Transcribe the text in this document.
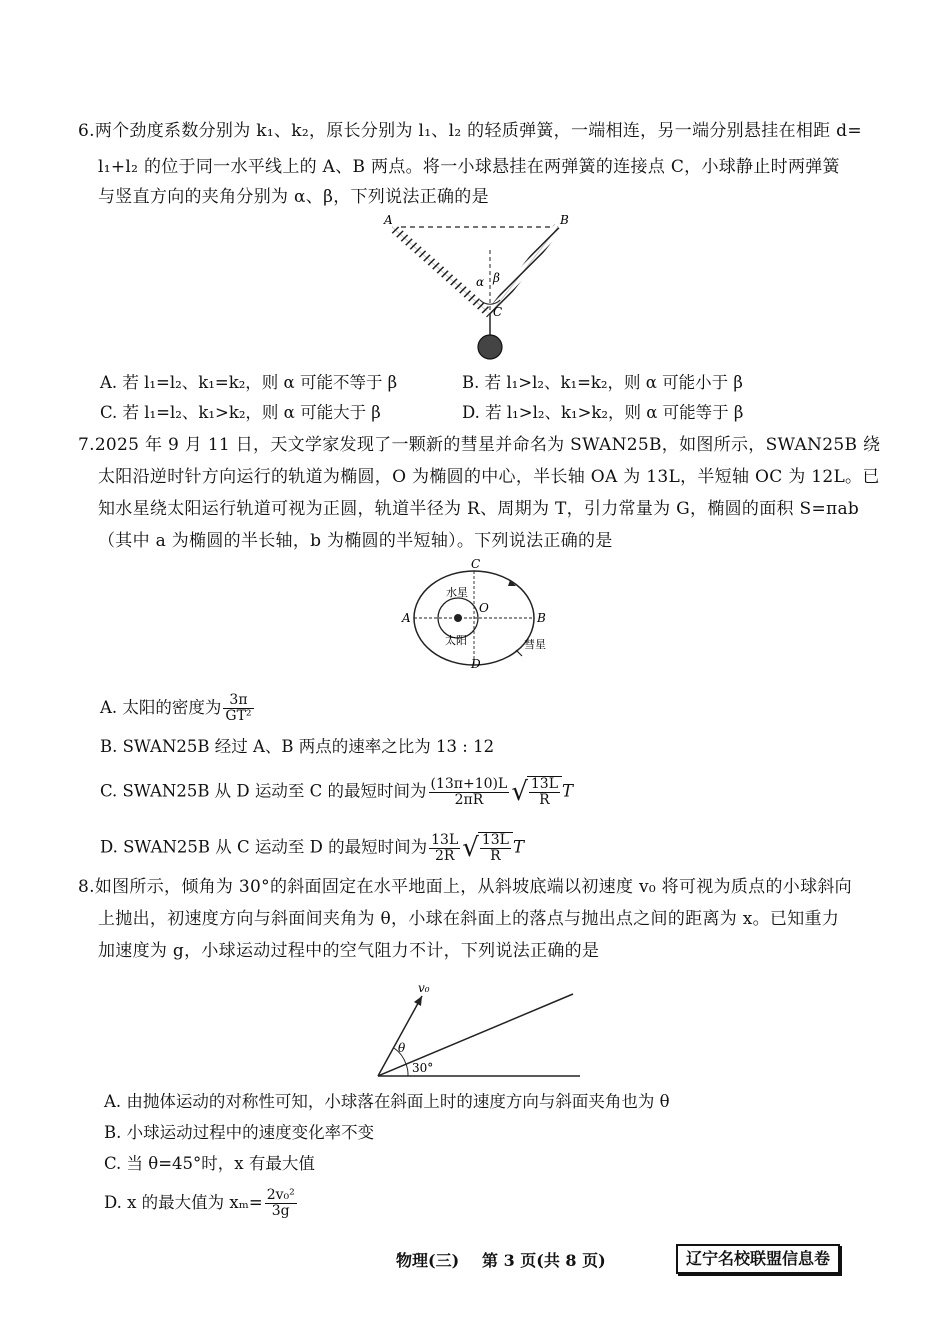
6.两个劲度系数分别为 k₁、k₂，原长分别为 l₁、l₂ 的轻质弹簧，一端相连，另一端分别悬挂在相距 d=
l₁+l₂ 的位于同一水平线上的 A、B 两点。将一小球悬挂在两弹簧的连接点 C，小球静止时两弹簧
与竖直方向的夹角分别为 α、β，下列说法正确的是
A	B
C
α β
A. 若 l₁=l₂、k₁=k₂，则 α 可能不等于 β	B. 若 l₁>l₂、k₁=k₂，则 α 可能小于 β
C. 若 l₁=l₂、k₁>k₂，则 α 可能大于 β	D. 若 l₁>l₂、k₁>k₂，则 α 可能等于 β
7.2025 年 9 月 11 日，天文学家发现了一颗新的彗星并命名为 SWAN25B，如图所示，SWAN25B 绕
太阳沿逆时针方向运行的轨道为椭圆，O 为椭圆的中心，半长轴 OA 为 13L，半短轴 OC 为 12L。已
知水星绕太阳运行轨道可视为正圆，轨道半径为 R、周期为 T，引力常量为 G，椭圆的面积 S=πab
（其中 a 为椭圆的半长轴，b 为椭圆的半短轴）。下列说法正确的是
C
D
A	B
O
水星
太阳	彗星
A. 太阳的密度为 $\frac{3\pi}{\text{GT²}}$
B. SWAN25B 经过 A、B 两点的速率之比为 13 : 12
C. SWAN25B 从 D 运动至 C 的最短时间为 $\frac{(13\pi+10)L}{2\pi R}$ √ $\frac{13L}{R}$ T
D. SWAN25B 从 C 运动至 D 的最短时间为 $\frac{13L}{2R}$ √ $\frac{13L}{R}$ T
8.如图所示，倾角为 30°的斜面固定在水平地面上，从斜坡底端以初速度 v₀ 将可视为质点的小球斜向
上抛出，初速度方向与斜面间夹角为 θ，小球在斜面上的落点与抛出点之间的距离为 x。已知重力
加速度为 g，小球运动过程中的空气阻力不计，下列说法正确的是
v₀
θ
30°
A. 由抛体运动的对称性可知，小球落在斜面上时的速度方向与斜面夹角也为 θ
B. 小球运动过程中的速度变化率不变
C. 当 θ=45°时，x 有最大值
D. x 的最大值为 $x_m= \frac{\text{2v₀²}}{3g}$
物理(三) 第 3 页(共 8 页)	辽宁名校联盟信息卷
